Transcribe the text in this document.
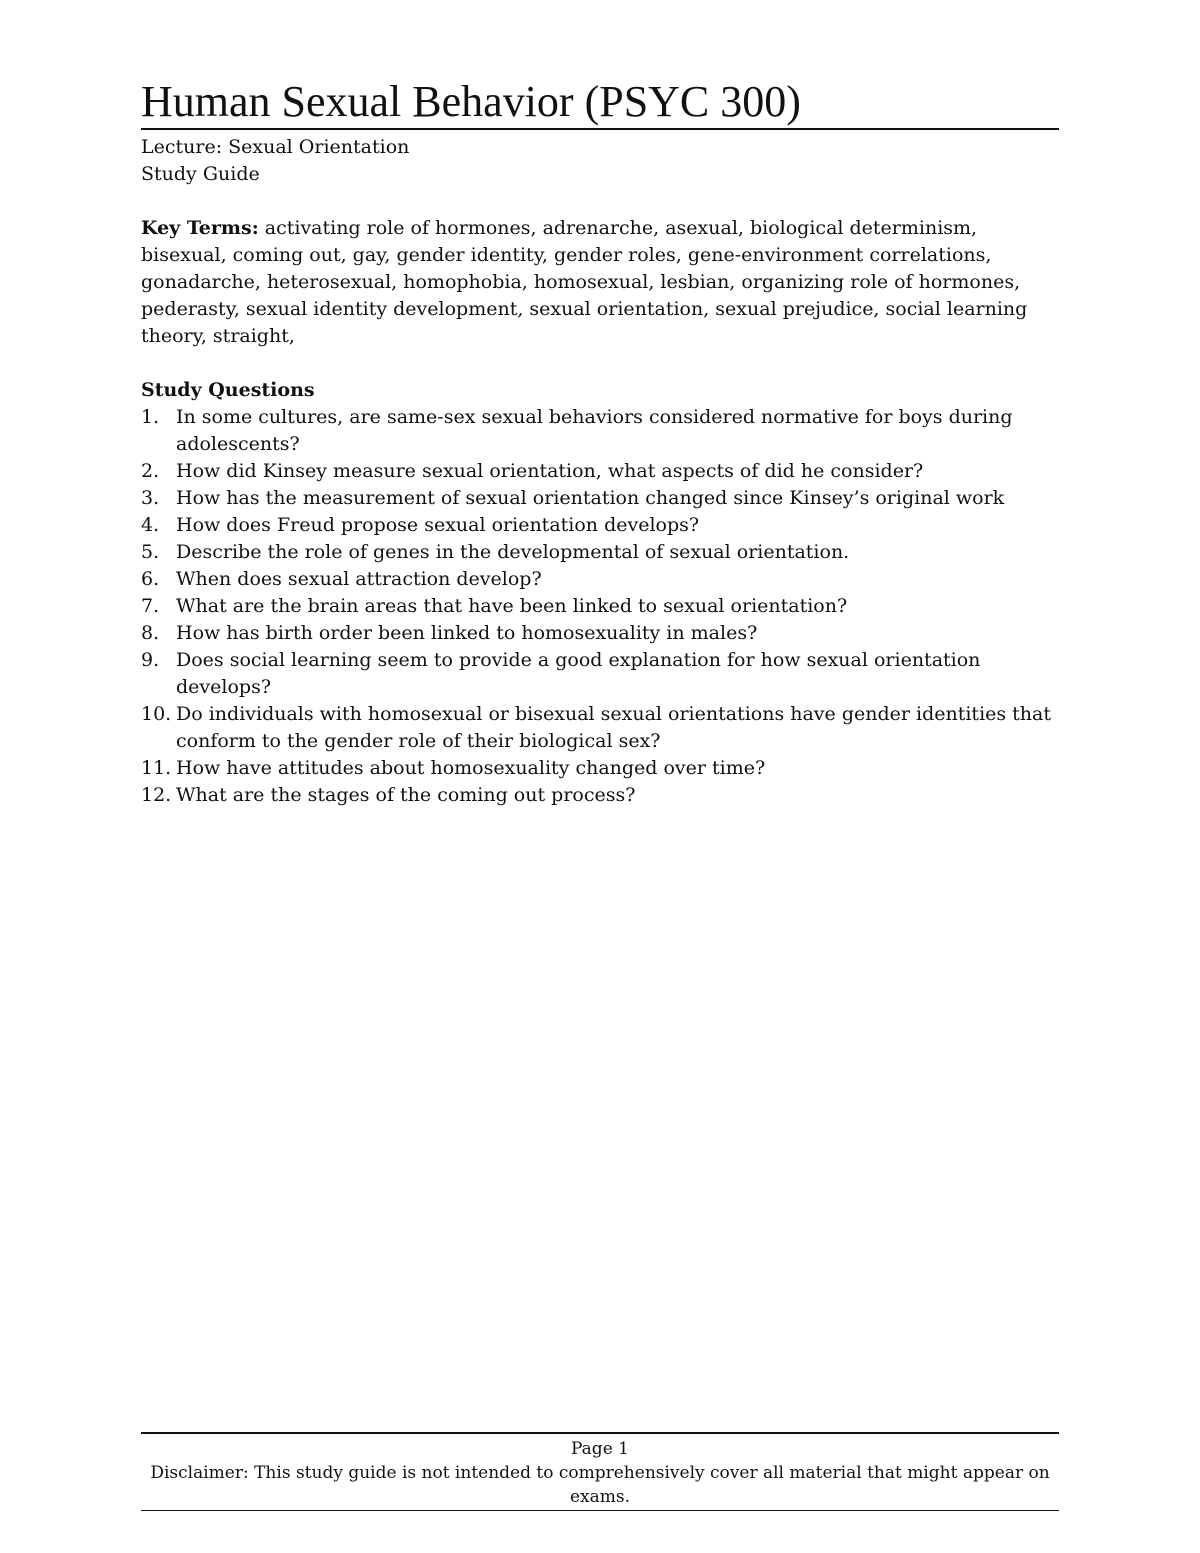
Human Sexual Behavior (PSYC 300)

Lecture: Sexual Orientation

Study Guide

Key Terms: activating role of hormones, adrenarche, asexual, biological determinism, bisexual, coming out, gay, gender identity, gender roles, gene-environment correlations, gonadarche, heterosexual, homophobia, homosexual, lesbian, organizing role of hormones, pederasty, sexual identity development, sexual orientation, sexual prejudice, social learning theory, straight,

Study Questions

1. In some cultures, are same-sex sexual behaviors considered normative for boys during adolescents?
2. How did Kinsey measure sexual orientation, what aspects of did he consider?
3. How has the measurement of sexual orientation changed since Kinsey’s original work
4. How does Freud propose sexual orientation develops?
5. Describe the role of genes in the developmental of sexual orientation.
6. When does sexual attraction develop?
7. What are the brain areas that have been linked to sexual orientation?
8. How has birth order been linked to homosexuality in males?
9. Does social learning seem to provide a good explanation for how sexual orientation develops?
10. Do individuals with homosexual or bisexual sexual orientations have gender identities that conform to the gender role of their biological sex?
11. How have attitudes about homosexuality changed over time?
12. What are the stages of the coming out process?

Page 1

Disclaimer: This study guide is not intended to comprehensively cover all material that might appear on exams.
